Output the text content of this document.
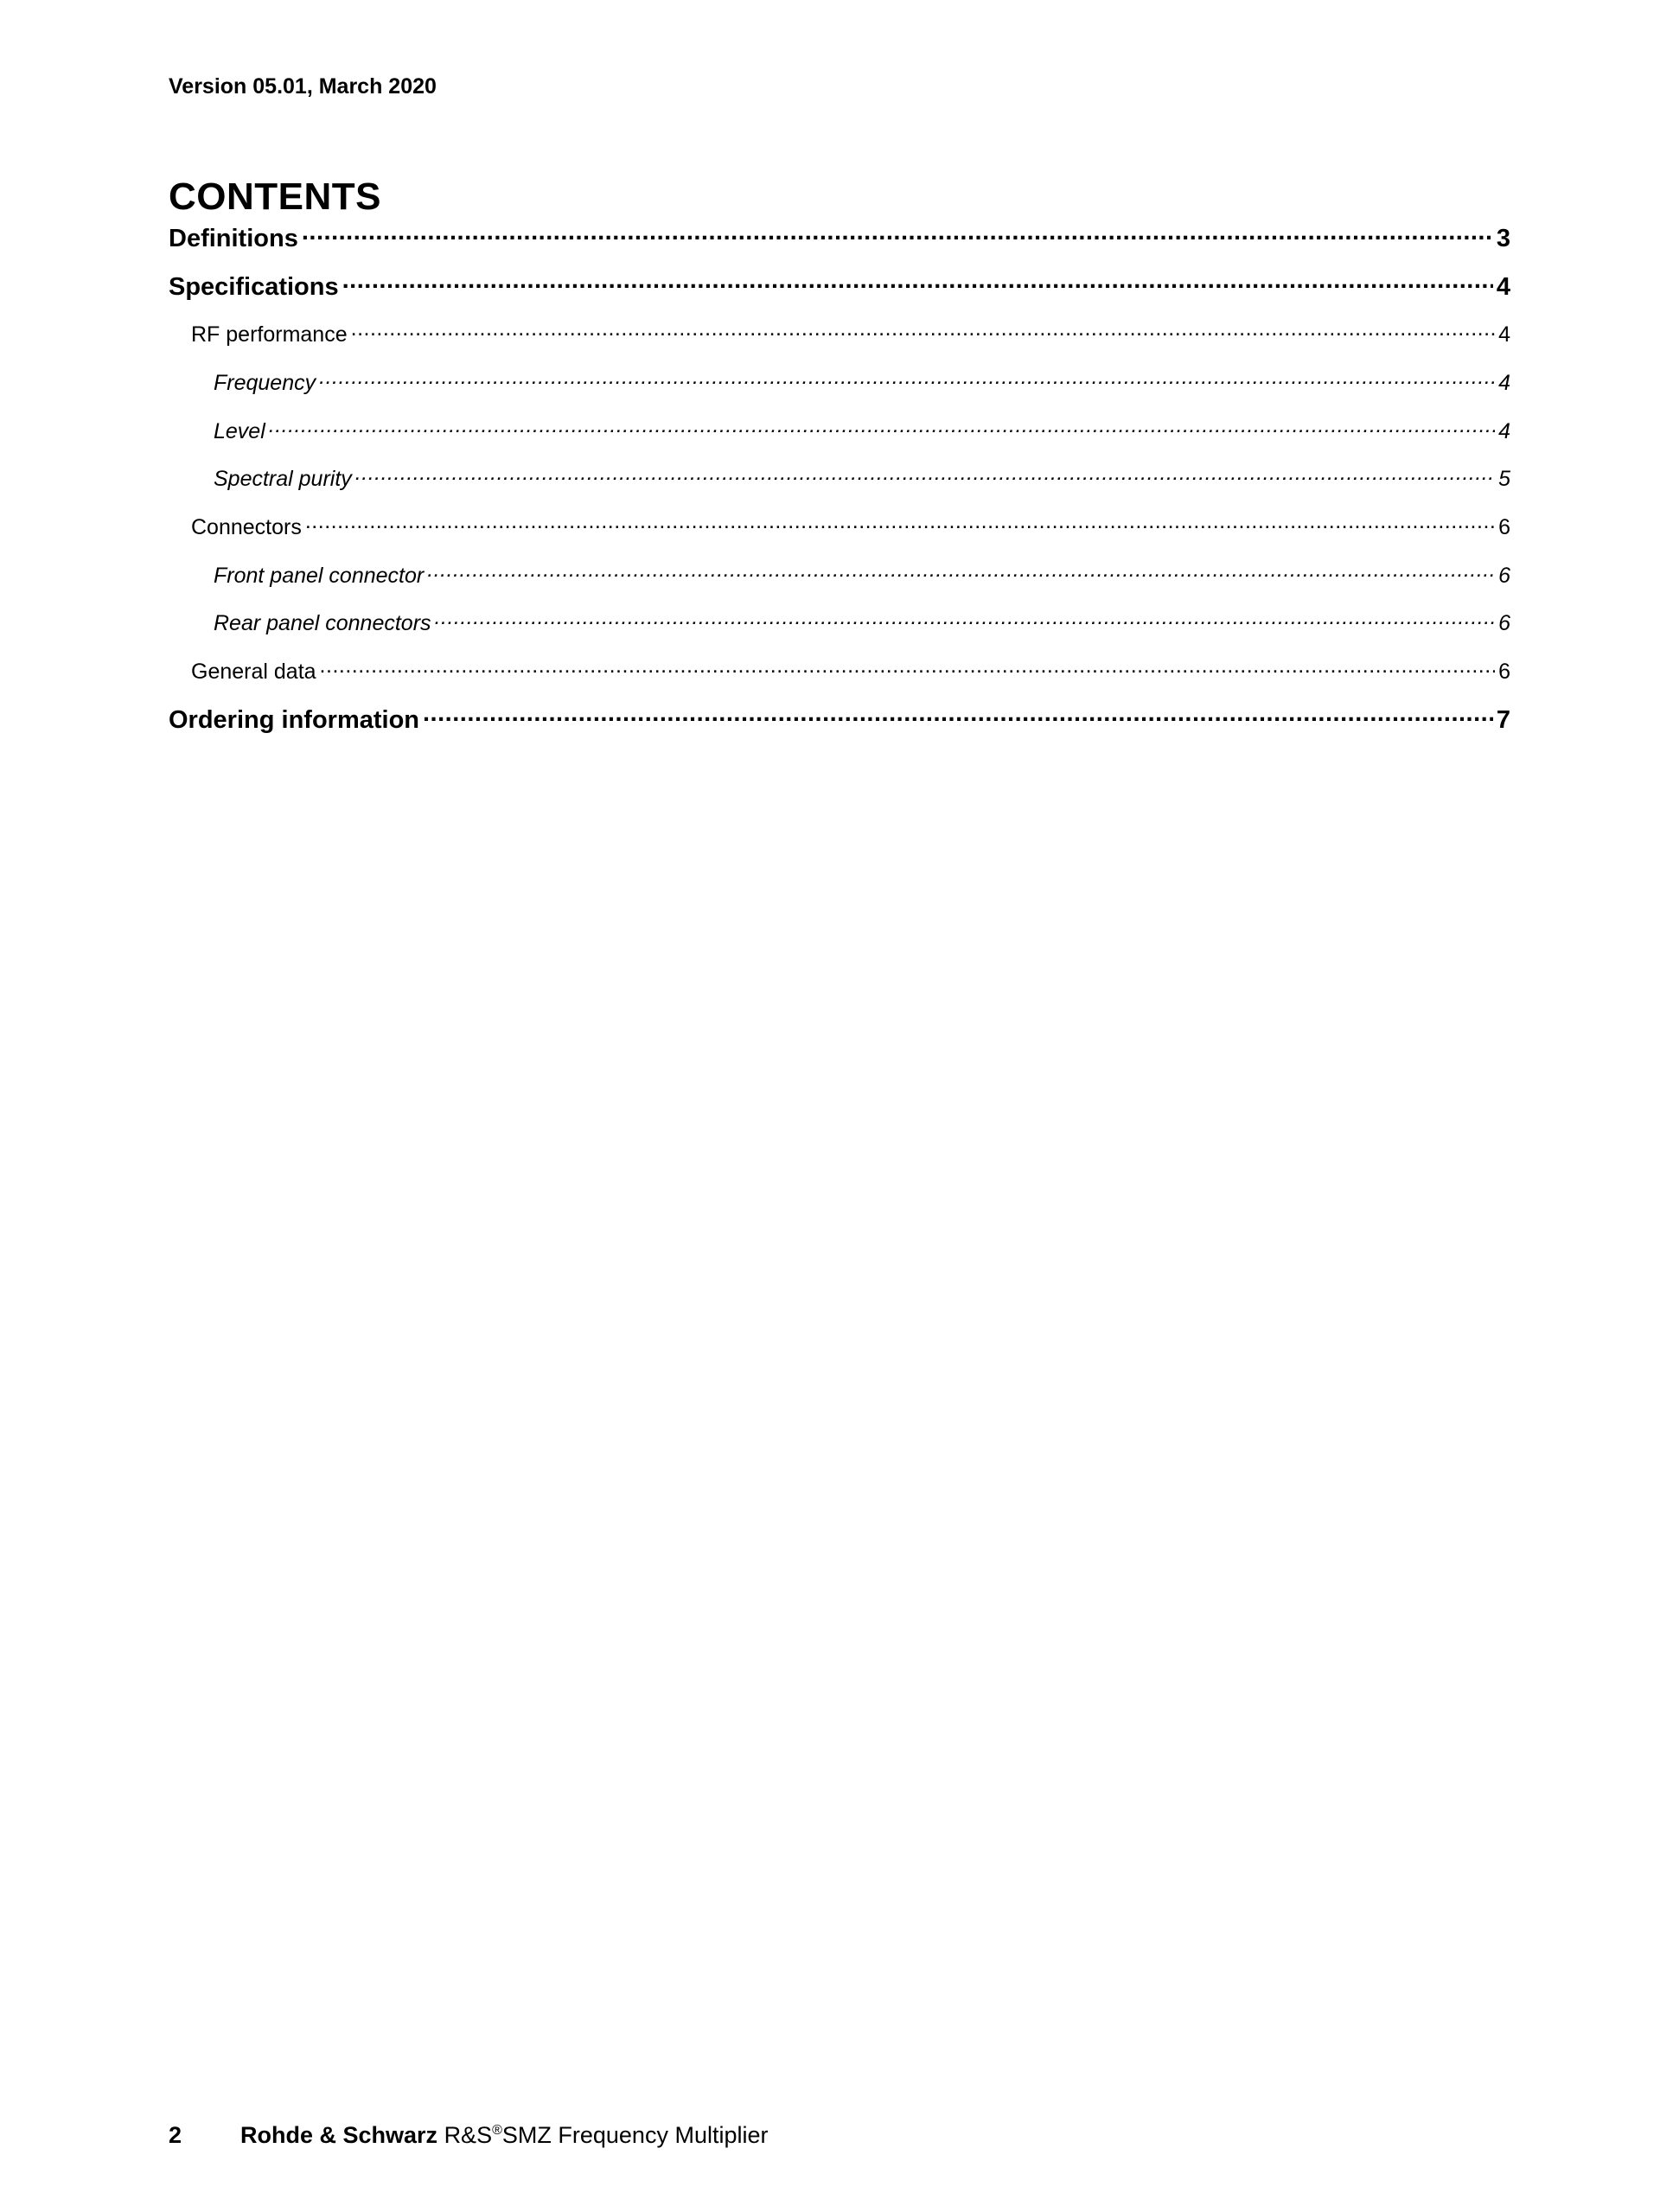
Version 05.01, March 2020
CONTENTS
Definitions .....	3
Specifications .....	4
RF performance .....	4
Frequency .....	4
Level .....	4
Spectral purity .....	5
Connectors .....	6
Front panel connector .....	6
Rear panel connectors .....	6
General data .....	6
Ordering information .....	7
2	Rohde & Schwarz R&S®SMZ Frequency Multiplier
